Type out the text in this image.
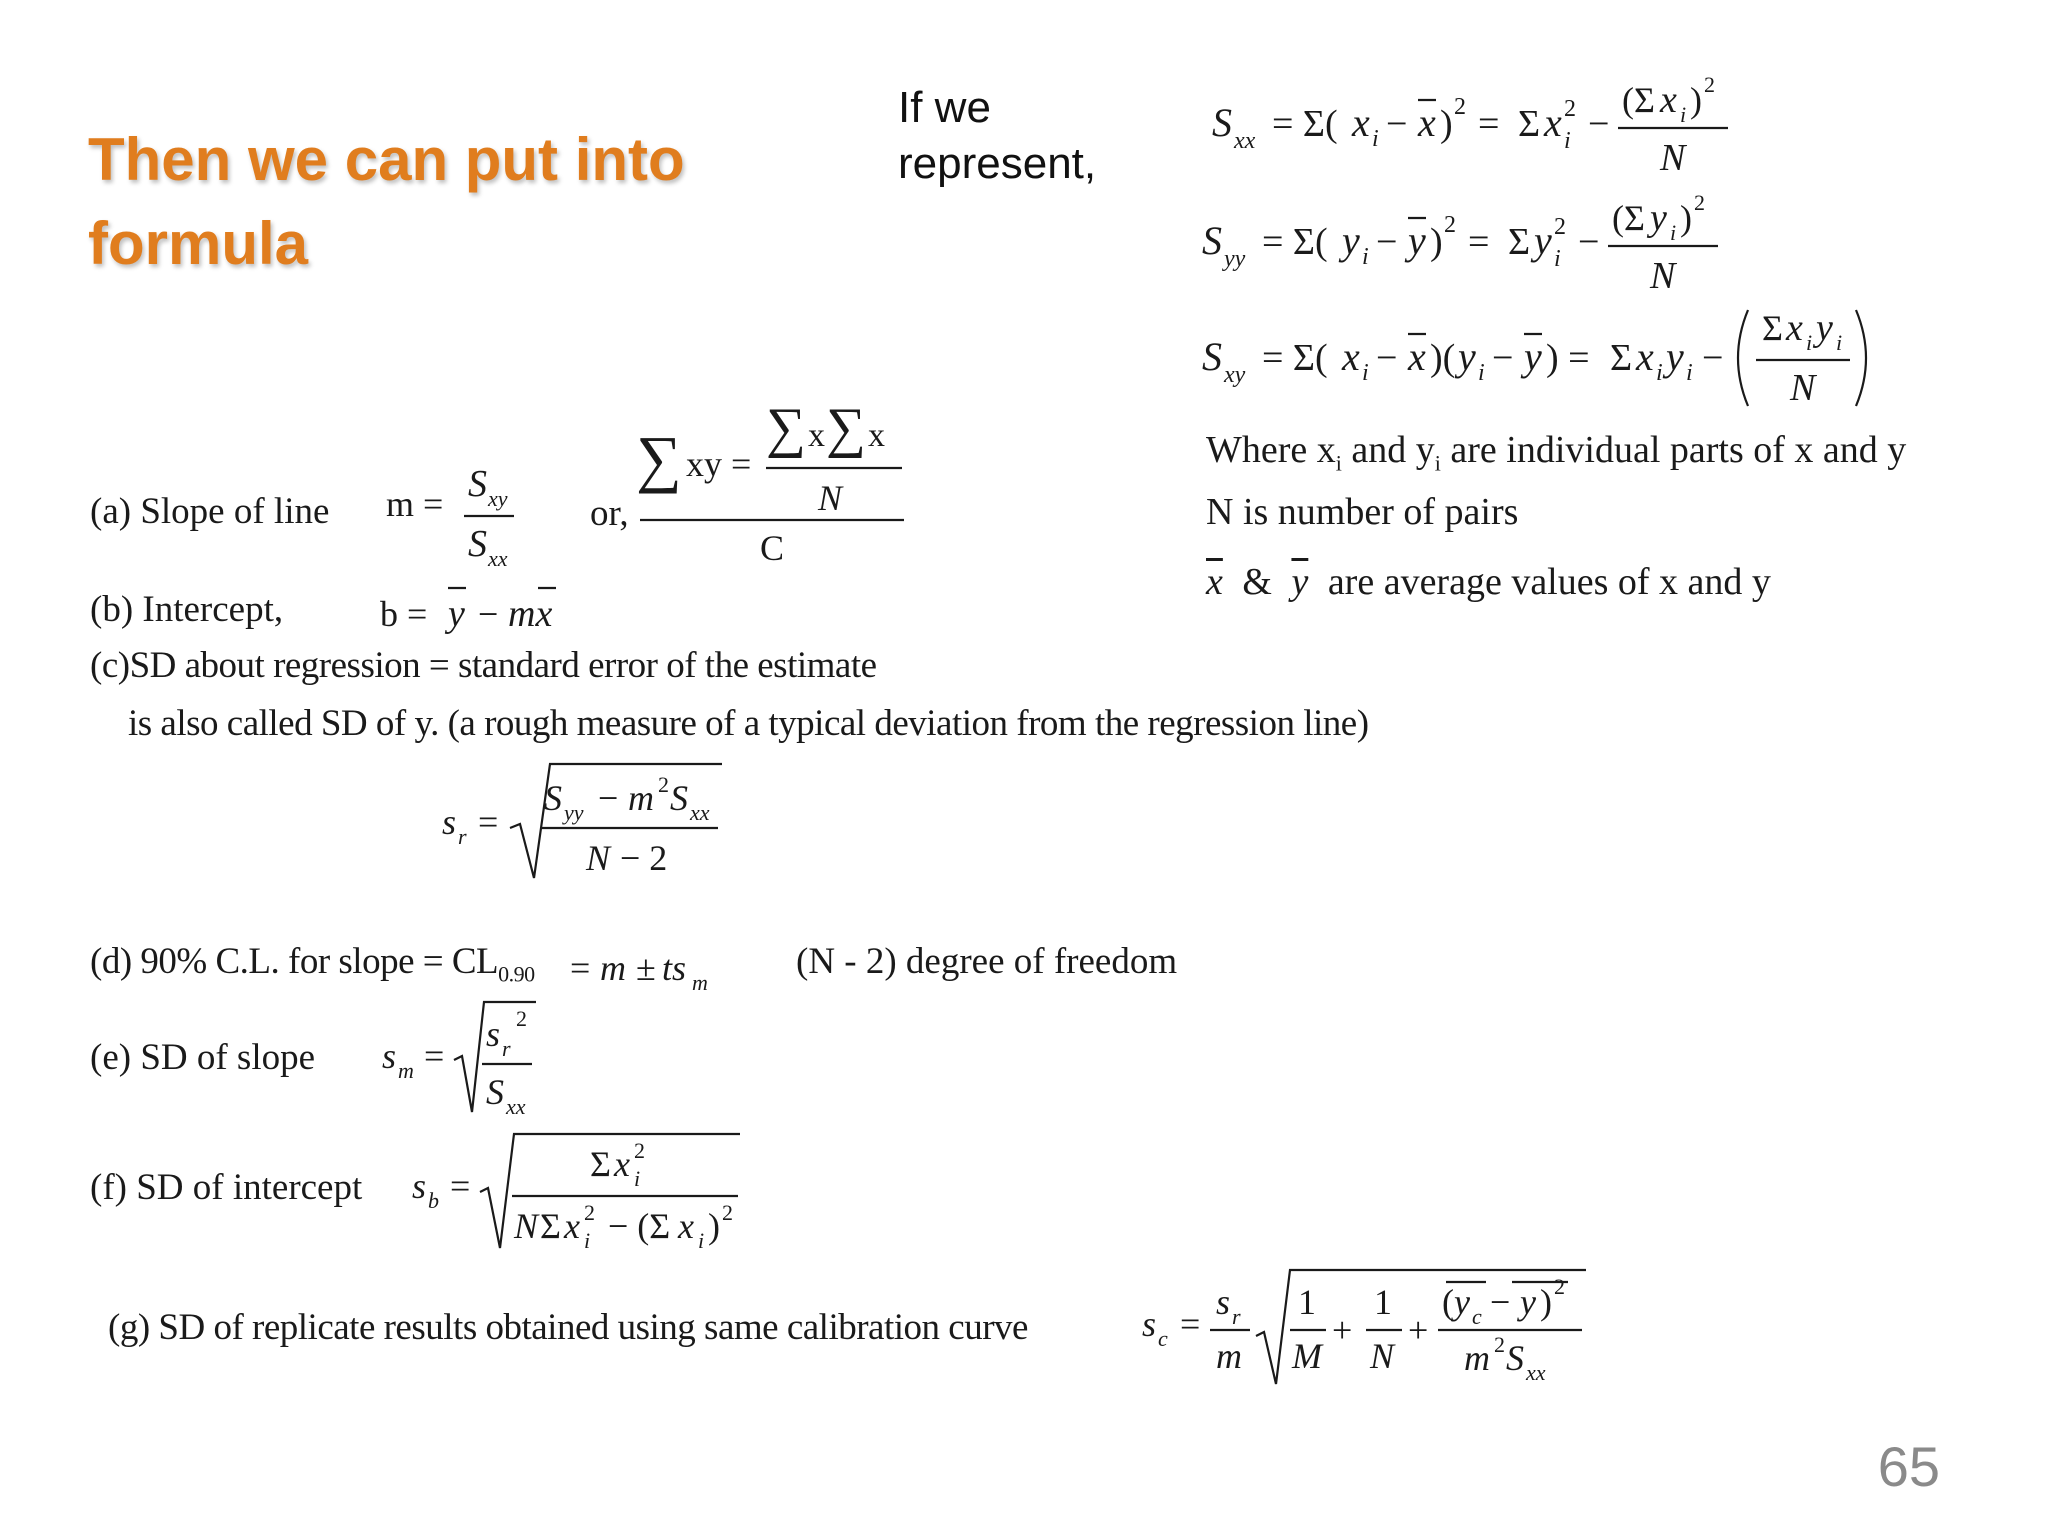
Then we can put into
formula
If we
represent,
S xx = Σ( x i − x ) 2 = Σ x 2
i −
(Σ x i ) 2
N
S yy = Σ( y i − y ) 2 = Σ y 2
i −
(Σ y i ) 2
N
S xy = Σ( x i − x )( y i − y ) = Σ x i y i −
Σ x i y i
N
Where $x_i$ and $y_i$ are individual parts of x and y
N is number of pairs
$\overline{x}$ & $\overline{y}$ are average values of x and y
(a) Slope of line m = S xy
S xx
or,
∑ xy =
∑ x ∑ x
N
C
(b) Intercept,	b = y − mx
(c)SD about regression = standard error of the estimate
is also called SD of y. (a rough measure of a typical deviation from the regression line)
s r =
S yy − m 2 S xx
N − 2
(d) 90% C.L. for slope = $CL_{0.90} = m$ ± ts m
(N - 2) degree of freedom
(e) SD of slope s m =
s r
2
S xx
(f) SD of intercept s b =
Σ x 2
i
N Σ x 2
i − (Σ x i ) 2
(g) SD of replicate results obtained using same calibration curve	s c =
s r
m
1
M
+
1
N
+
( y c − y ) 2
m 2 S xx
65
